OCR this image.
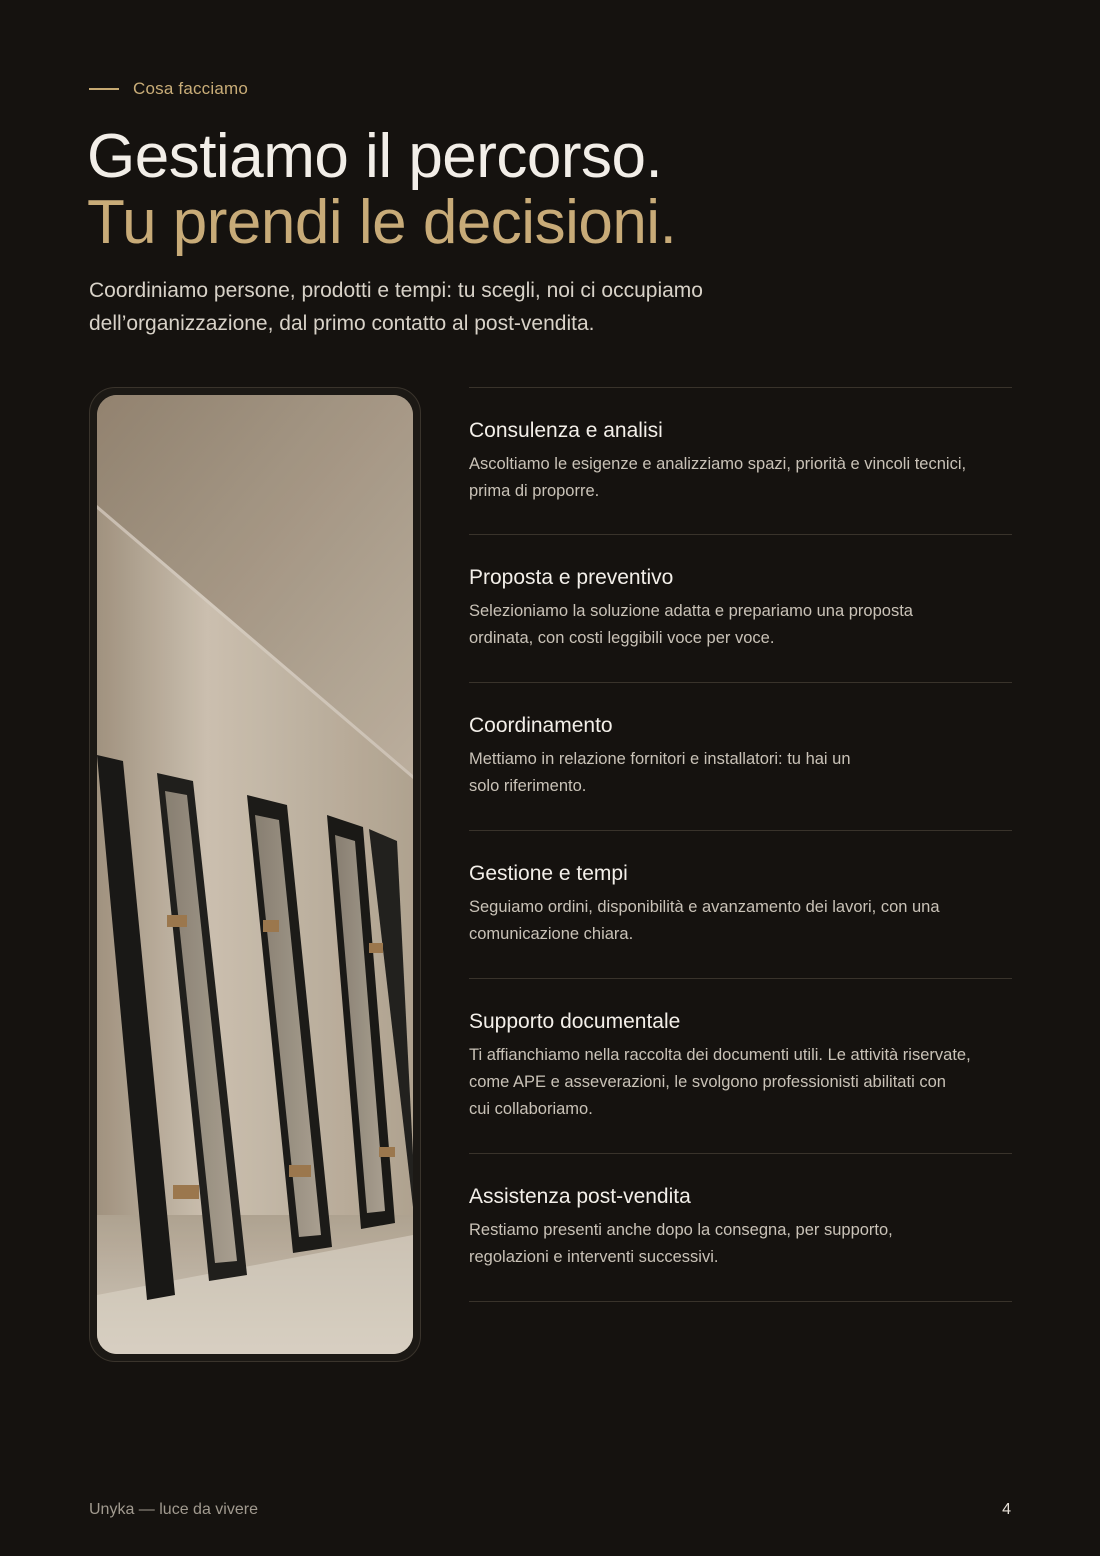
Cosa facciamo
Gestiamo il percorso.
Tu prendi le decisioni.

Coordiniamo persone, prodotti e tempi: tu scegli, noi ci occupiamo dell’organizzazione, dal primo contatto al post-vendita.

Consulenza e analisi
Ascoltiamo le esigenze e analizziamo spazi, priorità e vincoli tecnici,
prima di proporre.
Proposta e preventivo
Selezioniamo la soluzione adatta e prepariamo una proposta
ordinata, con costi leggibili voce per voce.
Coordinamento
Mettiamo in relazione fornitori e installatori: tu hai un
solo riferimento.
Gestione e tempi
Seguiamo ordini, disponibilità e avanzamento dei lavori, con una
comunicazione chiara.
Supporto documentale
Ti affianchiamo nella raccolta dei documenti utili. Le attività riservate,
come APE e asseverazioni, le svolgono professionisti abilitati con
cui collaboriamo.
Assistenza post-vendita
Restiamo presenti anche dopo la consegna, per supporto,
regolazioni e interventi successivi.
Unyka — luce da vivere	4
